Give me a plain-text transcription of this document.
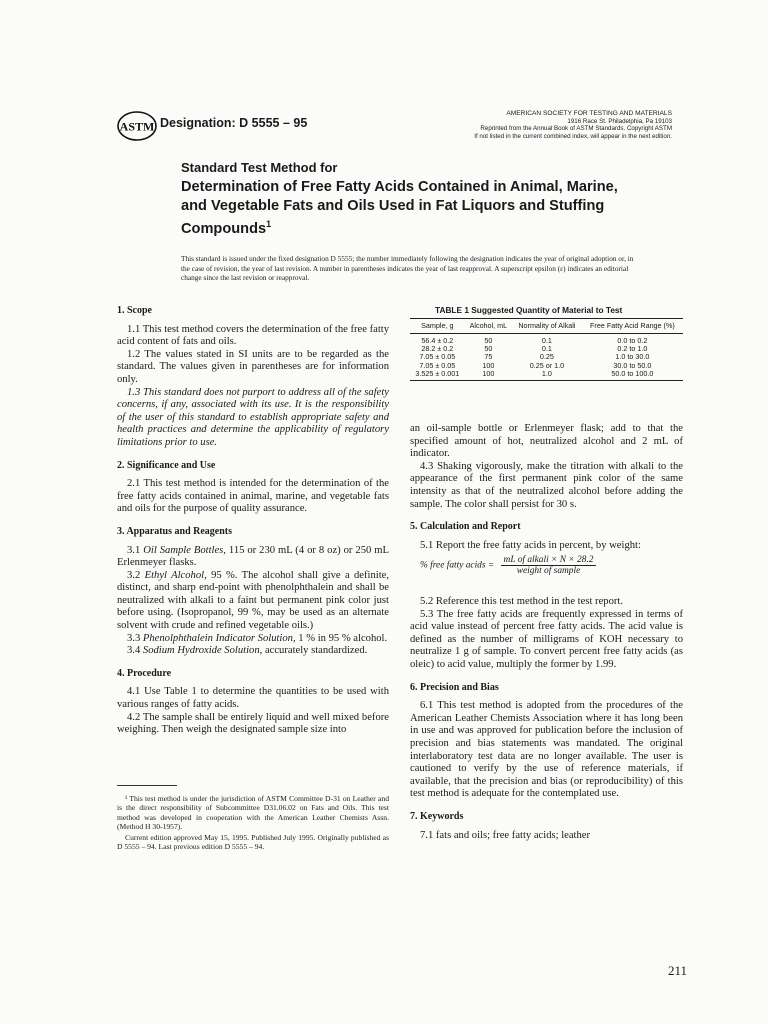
ASTM Designation: D 5555 – 95
AMERICAN SOCIETY FOR TESTING AND MATERIALS
1916 Race St. Philadelphia, Pa 19103
Reprinted from the Annual Book of ASTM Standards. Copyright ASTM
If not listed in the current combined index, will appear in the next edition.
Standard Test Method for
Determination of Free Fatty Acids Contained in Animal, Marine, and Vegetable Fats and Oils Used in Fat Liquors and Stuffing Compounds$^1$
This standard is issued under the fixed designation D 5555; the number immediately following the designation indicates the year of original adoption or, in the case of revision, the year of last revision. A number in parentheses indicates the year of last reapproval. A superscript epsilon (ε) indicates an editorial change since the last revision or reapproval.
1. Scope

1.1 This test method covers the determination of the free fatty acid content of fats and oils.

1.2 The values stated in SI units are to be regarded as the standard. The values given in parentheses are for information only.

1.3 This standard does not purport to address all of the safety concerns, if any, associated with its use. It is the responsibility of the user of this standard to establish appropriate safety and health practices and determine the applicability of regulatory limitations prior to use.

2. Significance and Use

2.1 This test method is intended for the determination of the free fatty acids contained in animal, marine, and vegetable fats and oils for the purpose of quality assurance.

3. Apparatus and Reagents

3.1 Oil Sample Bottles, 115 or 230 mL (4 or 8 oz) or 250 mL Erlenmeyer flasks.

3.2 Ethyl Alcohol, 95 %. The alcohol shall give a definite, distinct, and sharp end-point with phenolphthalein and shall be neutralized with alkali to a faint but permanent pink color just before using. (Isopropanol, 99 %, may be used as an alternate solvent with crude and refined vegetable oils.)

3.3 Phenolphthalein Indicator Solution, 1 % in 95 % alcohol.

3.4 Sodium Hydroxide Solution, accurately standardized.

4. Procedure

4.1 Use Table 1 to determine the quantities to be used with various ranges of fatty acids.

4.2 The sample shall be entirely liquid and well mixed before weighing. Then weigh the designated sample size into

¹ This test method is under the jurisdiction of ASTM Committee D-31 on Leather and is the direct responsibility of Subcommittee D31.06.02 on Fats and Oils. This test method was developed in cooperation with the American Leather Chemists Assn. (Method H 30-1957).

Current edition approved May 15, 1995. Published July 1995. Originally published as D 5555 – 94. Last previous edition D 5555 – 94.

TABLE 1 Suggested Quantity of Material to Test
Sample, g	Alcohol, mL	Normality of Alkali	Free Fatty Acid Range (%)
56.4 ± 0.2	50	0.1	0.0 to 0.2
28.2 ± 0.2	50	0.1	0.2 to 1.0
7.05 ± 0.05	75	0.25	1.0 to 30.0
7.05 ± 0.05	100	0.25 or 1.0	30.0 to 50.0
3.525 ± 0.001	100	1.0	50.0 to 100.0

an oil-sample bottle or Erlenmeyer flask; add to that the specified amount of hot, neutralized alcohol and 2 mL of indicator.

4.3 Shaking vigorously, make the titration with alkali to the appearance of the first permanent pink color of the same intensity as that of the neutralized alcohol before adding the sample. The color shall persist for 30 s.

5. Calculation and Report

5.1 Report the free fatty acids in percent, by weight:

% free fatty acids = $\frac{\text{mL of alkali × N × 28.2}}{\text{weight of sample}}$

5.2 Reference this test method in the test report.

5.3 The free fatty acids are frequently expressed in terms of acid value instead of percent free fatty acids. The acid value is defined as the number of milligrams of KOH necessary to neutralize 1 g of sample. To convert percent free fatty acids (as oleic) to acid value, multiply the former by 1.99.

6. Precision and Bias

6.1 This test method is adopted from the procedures of the American Leather Chemists Association where it has long been in use and was approved for publication before the inclusion of precision and bias statements was mandated. The original interlaboratory test data are no longer available. The user is cautioned to verify by the use of reference materials, if available, that the precision and bias (or reproducibility) of this test method is adequate for the contemplated use.

7. Keywords

7.1 fats and oils; free fatty acids; leather

211
